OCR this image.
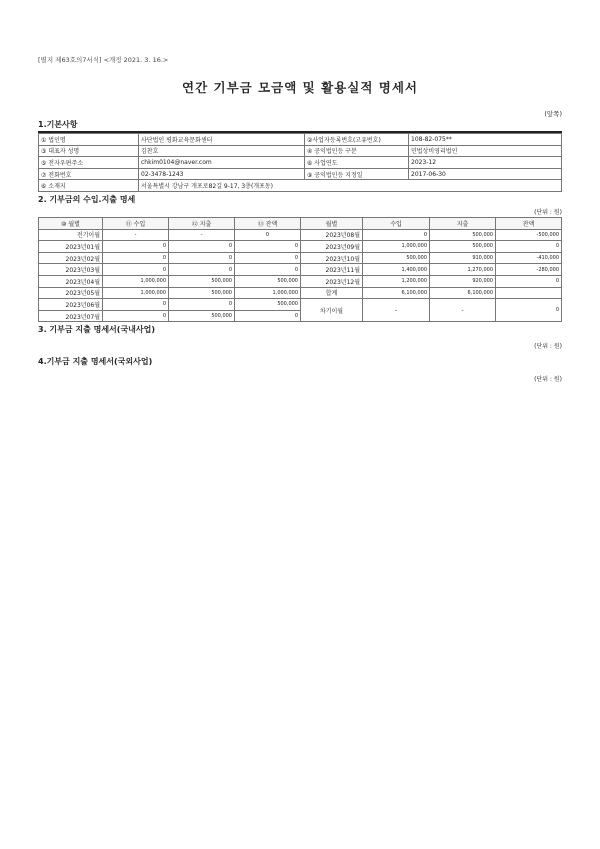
[별지 제63호의7서식] <개정 2021. 3. 16.>
연간 기부금 모금액 및 활용실적 명세서
(앞쪽)
1.기본사항
① 법인명	사단법인 평화교육문화센터	②사업자등록번호(고유번호)	108-82-075**
③ 대표자 성명	김찬호	④ 공익법인등 구분	민법상비영리법인
⑤ 전자우편주소	chkim0104@naver.com	⑥ 사업연도	2023-12
⑦ 전화번호	02-3478-1243	⑨ 공익법인등 지정일	2017-06-30
⑥ 소재지	서울특별시 강남구 개포로82길 9-17, 3층(개포동)		
2. 기부금의 수입.지출 명세
(단위 : 원)
⑩ 월별	⑪ 수입	⑫ 지출	⑬ 잔액	월별	수입	지출	잔액
전기이월	-	-	0	2023년08월	0	500,000	-500,000
2023년01월	0	0	0	2023년09월	1,000,000	500,000	0
2023년02월	0	0	0	2023년10월	500,000	910,000	-410,000
2023년03월	0	0	0	2023년11월	1,400,000	1,270,000	-280,000
2023년04월	1,000,000	500,000	500,000	2023년12월	1,200,000	920,000	0
2023년05월	1,000,000	500,000	1,000,000	합계	6,100,000	6,100,000	
2023년06월	0	0	500,000	차기이월	-	-	0
2023년07월	0	500,000	0				
3. 기부금 지출 명세서(국내사업)
(단위 : 원)
4.기부금 지출 명세서(국외사업)
(단위 : 원)
